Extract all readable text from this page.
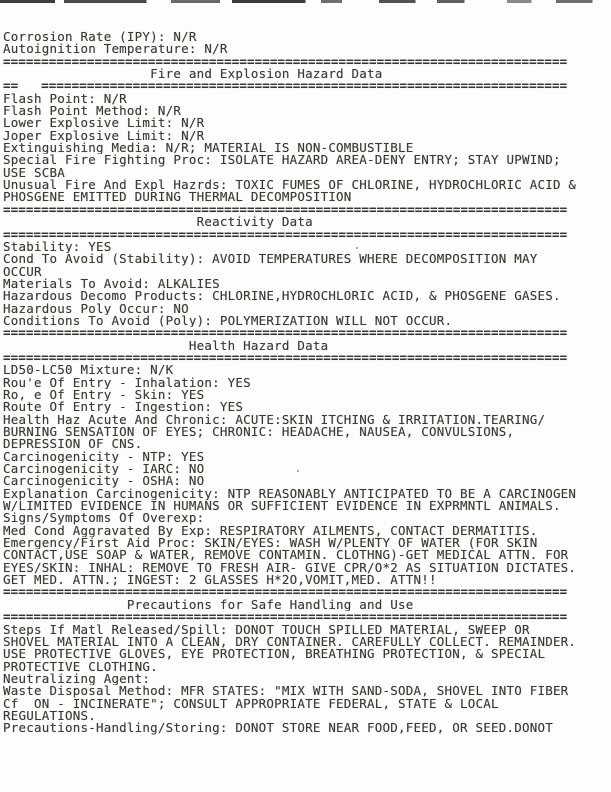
Corrosion Rate (IPY): N/R
Autoignition Temperature: N/R
==========================================================================
Fire and Explosion Hazard Data
==   =====================================================================
Flash Point: N/R
Flash Point Method: N/R
Lower Explosive Limit: N/R
Joper Explosive Limit: N/R
Extinguishing Media: N/R; MATERIAL IS NON-COMBUSTIBLE
Special Fire Fighting Proc: ISOLATE HAZARD AREA-DENY ENTRY; STAY UPWIND;
USE SCBA
Unusual Fire And Expl Hazrds: TOXIC FUMES OF CHLORINE, HYDROCHLORIC ACID &
PHOSGENE EMITTED DURING THERMAL DECOMPOSITION
==========================================================================
Reactivity Data
==========================================================================
Stability: YES
Cond To Avoid (Stability): AVOID TEMPERATURES WHERE DECOMPOSITION MAY
OCCUR
Materials To Avoid: ALKALIES
Hazardous Decomo Products: CHLORINE,HYDROCHLORIC ACID, & PHOSGENE GASES.
Hazardous Poly Occur: NO
Conditions To Avoid (Poly): POLYMERIZATION WILL NOT OCCUR.
==========================================================================
Health Hazard Data
==========================================================================
LD50-LC50 Mixture: N/K
Rou'e Of Entry - Inhalation: YES
Ro, e Of Entry - Skin: YES
Route Of Entry - Ingestion: YES
Health Haz Acute And Chronic: ACUTE:SKIN ITCHING & IRRITATION.TEARING/
BURNING SENSATION OF EYES; CHRONIC: HEADACHE, NAUSEA, CONVULSIONS,
DEPRESSION OF CNS.
Carcinogenicity - NTP: YES
Carcinogenicity - IARC: NO
Carcinogenicity - OSHA: NO
Explanation Carcinogenicity: NTP REASONABLY ANTICIPATED TO BE A CARCINOGEN
W/LIMITED EVIDENCE IN HUMANS OR SUFFICIENT EVIDENCE IN EXPRMNTL ANIMALS.
Signs/Symptoms Of Overexp:
Med Cond Aggravated By Exp: RESPIRATORY AILMENTS, CONTACT DERMATITIS.
Emergency/First Aid Proc: SKIN/EYES: WASH W/PLENTY OF WATER (FOR SKIN
CONTACT,USE SOAP & WATER, REMOVE CONTAMIN. CLOTHNG)-GET MEDICAL ATTN. FOR
EYES/SKIN: INHAL: REMOVE TO FRESH AIR- GIVE CPR/O*2 AS SITUATION DICTATES.
GET MED. ATTN.; INGEST: 2 GLASSES H*2O,VOMIT,MED. ATTN!!
==========================================================================
Precautions for Safe Handling and Use
==========================================================================
Steps If Matl Released/Spill: DONOT TOUCH SPILLED MATERIAL, SWEEP OR
SHOVEL MATERIAL INTO A CLEAN, DRY CONTAINER. CAREFULLY COLLECT. REMAINDER.
USE PROTECTIVE GLOVES, EYE PROTECTION, BREATHING PROTECTION, & SPECIAL
PROTECTIVE CLOTHING.
Neutralizing Agent:
Waste Disposal Method: MFR STATES: "MIX WITH SAND-SODA, SHOVEL INTO FIBER
Cf  ON - INCINERATE"; CONSULT APPROPRIATE FEDERAL, STATE & LOCAL
REGULATIONS.
Precautions-Handling/Storing: DONOT STORE NEAR FOOD,FEED, OR SEED.DONOT
